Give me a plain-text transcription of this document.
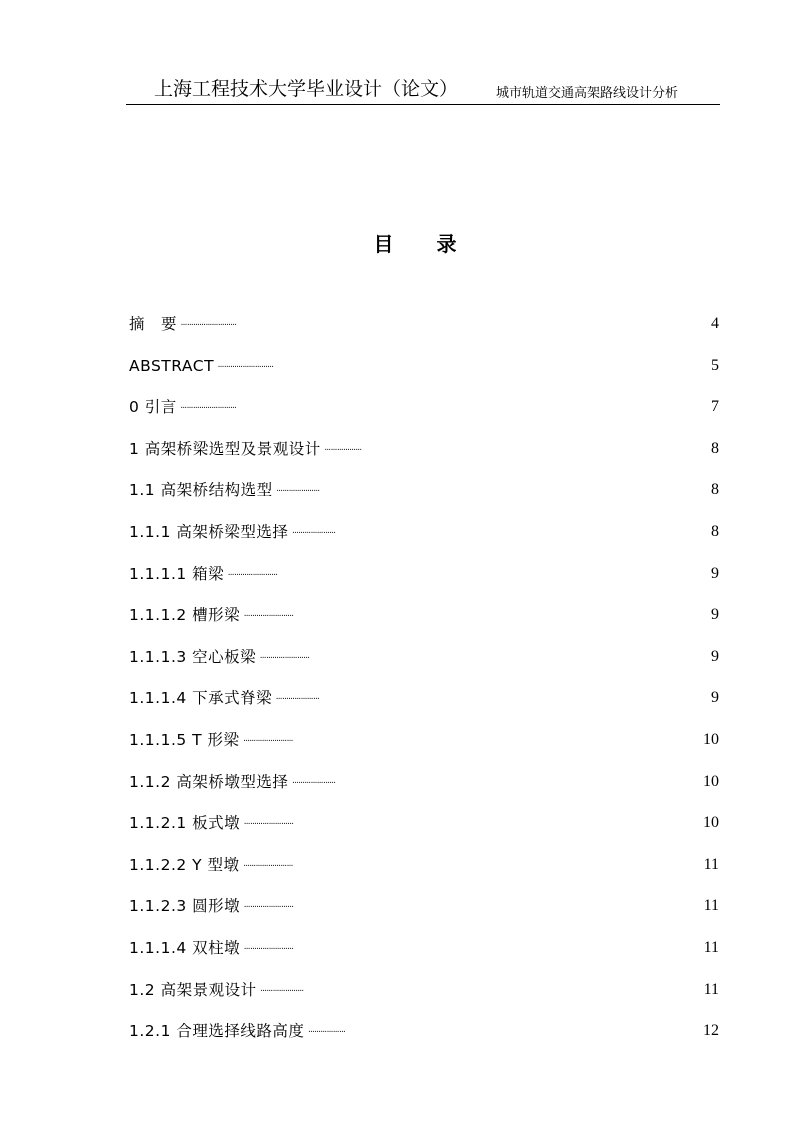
上海工程技术大学毕业设计（论文）	城市轨道交通高架路线设计分析
目 录
摘　要 ………………………	4
ABSTRACT ………………………	5
0 引言 ………………………	7
1 高架桥梁选型及景观设计 ………………	8
1.1 高架桥结构选型 …………………	8
1.1.1 高架桥梁型选择 …………………	8
1.1.1.1 箱梁 ……………………	9
1.1.1.2 槽形梁 ……………………	9
1.1.1.3 空心板梁 ……………………	9
1.1.1.4 下承式脊梁 …………………	9
1.1.1.5 T 形梁 ……………………	10
1.1.2 高架桥墩型选择 …………………	10
1.1.2.1 板式墩 ……………………	10
1.1.2.2 Y 型墩 ……………………	11
1.1.2.3 圆形墩 ……………………	11
1.1.1.4 双柱墩 ……………………	11
1.2 高架景观设计 …………………	11
1.2.1 合理选择线路高度 ………………	12
